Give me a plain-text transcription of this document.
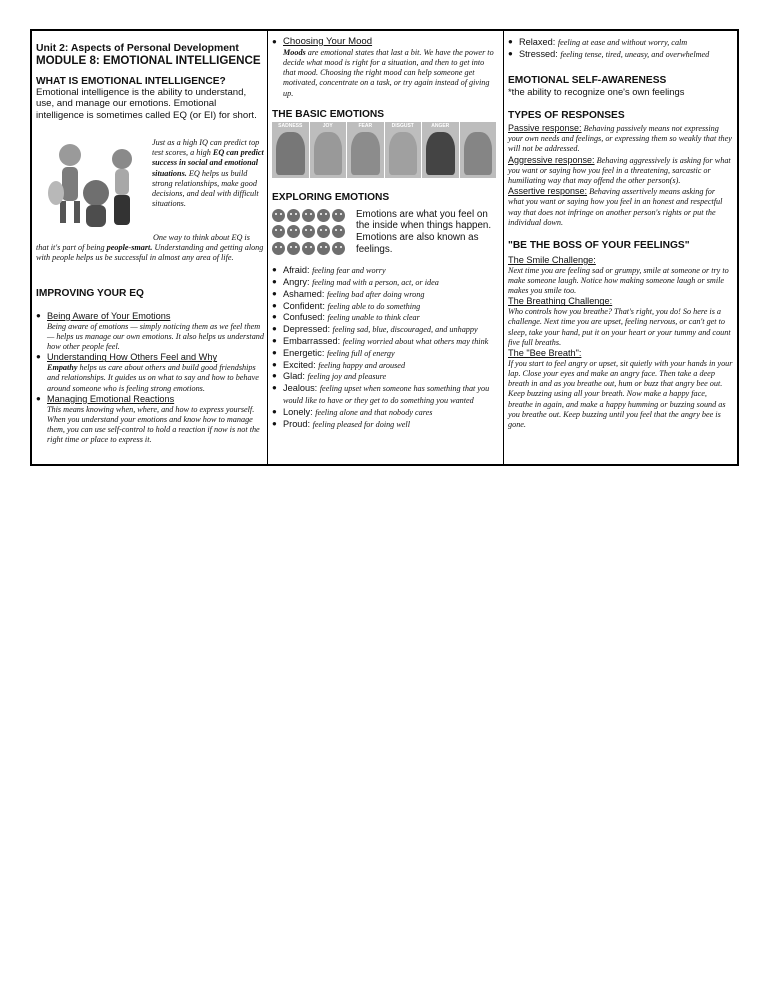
Unit 2: Aspects of Personal Development

MODULE 8: EMOTIONAL INTELLIGENCE

WHAT IS EMOTIONAL INTELLIGENCE?

Emotional intelligence is the ability to understand, use, and manage our emotions. Emotional intelligence is sometimes called EQ (or EI) for short.

Just as a high IQ can predict top test scores, a high EQ can predict success in social and emotional situations. EQ helps us build strong relationships, make good decisions, and deal with difficult situations.

One way to think about EQ is that it's part of being people-smart. Understanding and getting along with people helps us be successful in almost any area of life.

IMPROVING YOUR EQ

● Being Aware of Your Emotions

Being aware of emotions — simply noticing them as we feel them — helps us manage our own emotions. It also helps us understand how other people feel.

● Understanding How Others Feel and Why

Empathy helps us care about others and build good friendships and relationships. It guides us on what to say and how to behave around someone who is feeling strong emotions.

● Managing Emotional Reactions

This means knowing when, where, and how to express yourself. When you understand your emotions and know how to manage them, you can use self-control to hold a reaction if now is not the right time or place to express it.

● Choosing Your Mood

Moods are emotional states that last a bit. We have the power to decide what mood is right for a situation, and then to get into that mood. Choosing the right mood can help someone get motivated, concentrate on a task, or try again instead of giving up.

THE BASIC EMOTIONS

SADNESS	JOY	FEAR	DISGUST	ANGER

EXPLORING EMOTIONS

Emotions are what you feel on the inside when things happen. Emotions are also known as feelings.

● Afraid: feeling fear and worry

● Angry: feeling mad with a person, act, or idea

● Ashamed: feeling bad after doing wrong

● Confident: feeling able to do something

● Confused: feeling unable to think clear

● Depressed: feeling sad, blue, discouraged, and unhappy

● Embarrassed: feeling worried about what others may think

● Energetic: feeling full of energy

● Excited: feeling happy and aroused

● Glad: feeling joy and pleasure

● Jealous: feeling upset when someone has something that you would like to have or they get to do something you wanted

● Lonely: feeling alone and that nobody cares

● Proud: feeling pleased for doing well

● Relaxed: feeling at ease and without worry, calm

● Stressed: feeling tense, tired, uneasy, and overwhelmed

EMOTIONAL SELF-AWARENESS

*the ability to recognize one's own feelings

TYPES OF RESPONSES

Passive response: Behaving passively means not expressing your own needs and feelings, or expressing them so weakly that they will not be addressed.

Aggressive response: Behaving aggressively is asking for what you want or saying how you feel in a threatening, sarcastic or humiliating way that may offend the other person(s).

Assertive response: Behaving assertively means asking for what you want or saying how you feel in an honest and respectful way that does not infringe on another person's rights or put the individual down.

"BE THE BOSS OF YOUR FEELINGS"

The Smile Challenge:

Next time you are feeling sad or grumpy, smile at someone or try to make someone laugh. Notice how making someone laugh or smile makes you smile too.

The Breathing Challenge:

Who controls how you breathe? That's right, you do! So here is a challenge. Next time you are upset, feeling nervous, or can't get to sleep, take your hand, put it on your heart or your tummy and count five full breaths.

The "Bee Breath":

If you start to feel angry or upset, sit quietly with your hands in your lap. Close your eyes and make an angry face. Then take a deep breath in and as you breathe out, hum or buzz that angry bee out. Keep buzzing using all your breath. Now make a happy face, breathe in again, and make a happy humming or buzzing sound as you breathe out. Keep buzzing until you feel that the angry bee is gone.
